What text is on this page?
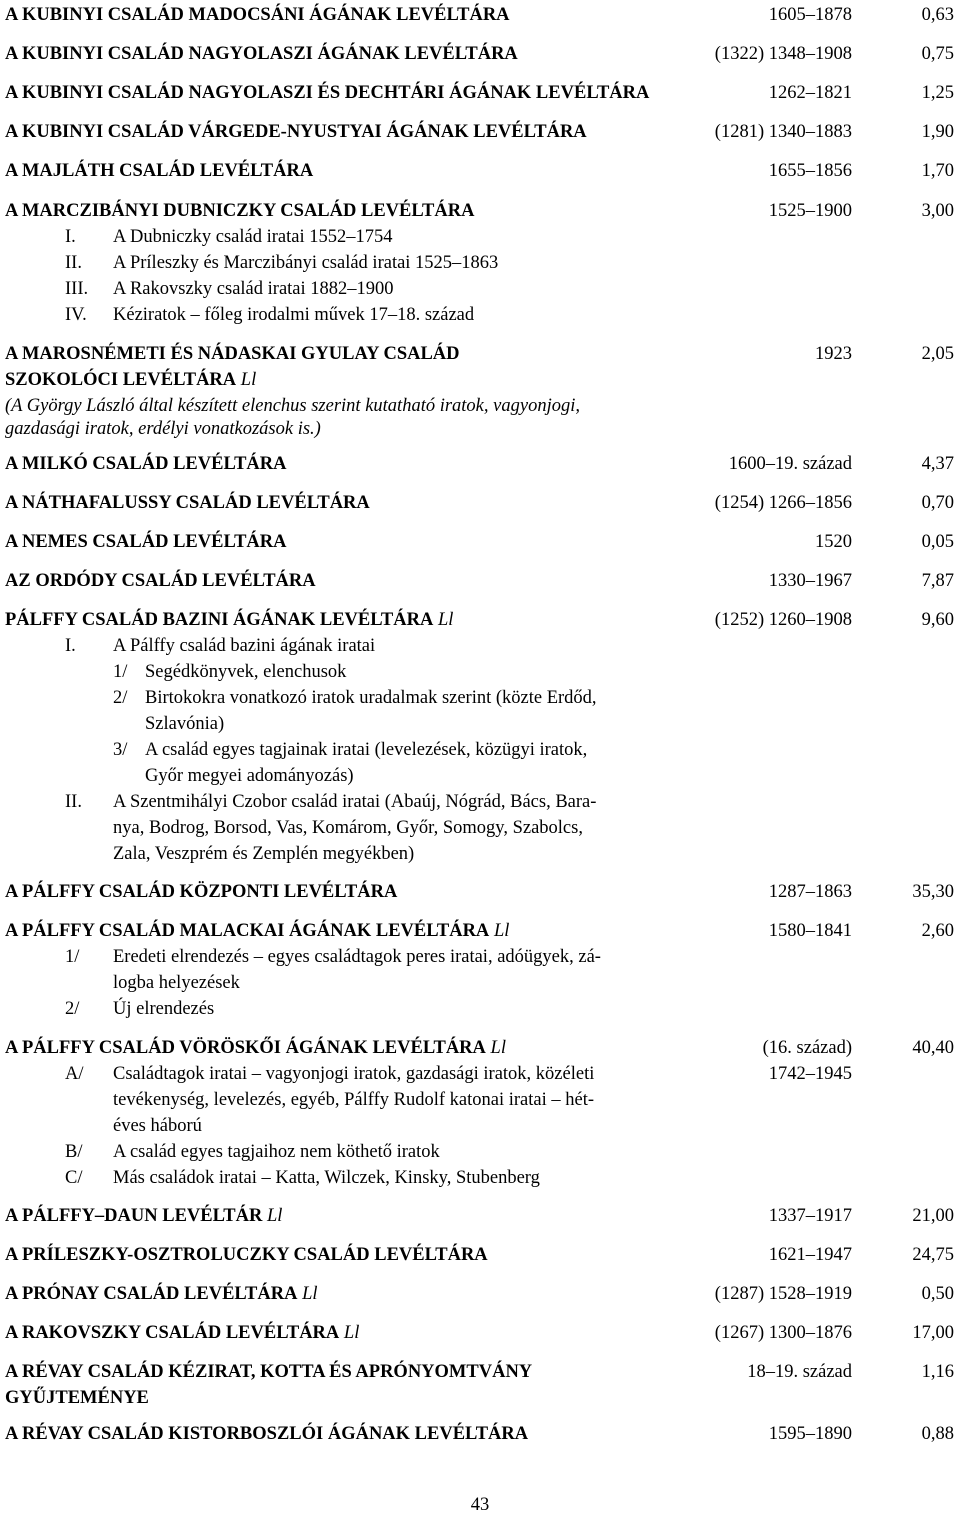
A KUBINYI CSALÁD MADOCSÁNI ÁGÁNAK LEVÉLTÁRA	1605–1878	0,63
A KUBINYI CSALÁD NAGYOLASZI ÁGÁNAK LEVÉLTÁRA	(1322) 1348–1908	0,75
A KUBINYI CSALÁD NAGYOLASZI ÉS DECHTÁRI ÁGÁNAK LEVÉLTÁRA	1262–1821	1,25
A KUBINYI CSALÁD VÁRGEDE-NYUSTYAI ÁGÁNAK LEVÉLTÁRA	(1281) 1340–1883	1,90
A MAJLÁTH CSALÁD LEVÉLTÁRA	1655–1856	1,70
A MARCZIBÁNYI DUBNICZKY CSALÁD LEVÉLTÁRA	1525–1900	3,00
I. A Dubniczky család iratai 1552–1754
II. A Príleszky és Marczibányi család iratai 1525–1863
III. A Rakovszky család iratai 1882–1900
IV. Kéziratok – főleg irodalmi művek 17–18. század
A MAROSNÉMETI ÉS NÁDASKAI GYULAY CSALÁD	1923	2,05
SZOKOLÓCI LEVÉLTÁRA Ll
(A György László által készített elenchus szerint kutatható iratok, vagyonjogi,
gazdasági iratok, erdélyi vonatkozások is.)
A MILKÓ CSALÁD LEVÉLTÁRA	1600–19. század	4,37
A NÁTHAFALUSSY CSALÁD LEVÉLTÁRA	(1254) 1266–1856	0,70
A NEMES CSALÁD LEVÉLTÁRA	1520	0,05
AZ ORDÓDY CSALÁD LEVÉLTÁRA	1330–1967	7,87
PÁLFFY CSALÁD BAZINI ÁGÁNAK LEVÉLTÁRA Ll	(1252) 1260–1908	9,60
I. A Pálffy család bazini ágának iratai
1/ Segédkönyvek, elenchusok
2/ Birtokokra vonatkozó iratok uradalmak szerint (közte Erdőd,
Szlavónia)
3/ A család egyes tagjainak iratai (levelezések, közügyi iratok,
Győr megyei adományozás)
II. A Szentmihályi Czobor család iratai (Abaúj, Nógrád, Bács, Bara-
nya, Bodrog, Borsod, Vas, Komárom, Győr, Somogy, Szabolcs,
Zala, Veszprém és Zemplén megyékben)
A PÁLFFY CSALÁD KÖZPONTI LEVÉLTÁRA	1287–1863	35,30
A PÁLFFY CSALÁD MALACKAI ÁGÁNAK LEVÉLTÁRA Ll	1580–1841	2,60
1/ Eredeti elrendezés – egyes családtagok peres iratai, adóügyek, zá-
logba helyezések
2/ Új elrendezés
A PÁLFFY CSALÁD VÖRÖSKŐI ÁGÁNAK LEVÉLTÁRA Ll	(16. század)	40,40
A/ Családtagok iratai – vagyonjogi iratok, gazdasági iratok, közéleti	1742–1945
tevékenység, levelezés, egyéb, Pálffy Rudolf katonai iratai – hét-
éves háború
B/ A család egyes tagjaihoz nem köthető iratok
C/ Más családok iratai – Katta, Wilczek, Kinsky, Stubenberg
A PÁLFFY–DAUN LEVÉLTÁR Ll	1337–1917	21,00
A PRÍLESZKY-OSZTROLUCZKY CSALÁD LEVÉLTÁRA	1621–1947	24,75
A PRÓNAY CSALÁD LEVÉLTÁRA Ll	(1287) 1528–1919	0,50
A RAKOVSZKY CSALÁD LEVÉLTÁRA Ll	(1267) 1300–1876	17,00
A RÉVAY CSALÁD KÉZIRAT, KOTTA ÉS APRÓNYOMTVÁNY	18–19. század	1,16
GYŰJTEMÉNYE
A RÉVAY CSALÁD KISTORBOSZLÓI ÁGÁNAK LEVÉLTÁRA	1595–1890	0,88
43
